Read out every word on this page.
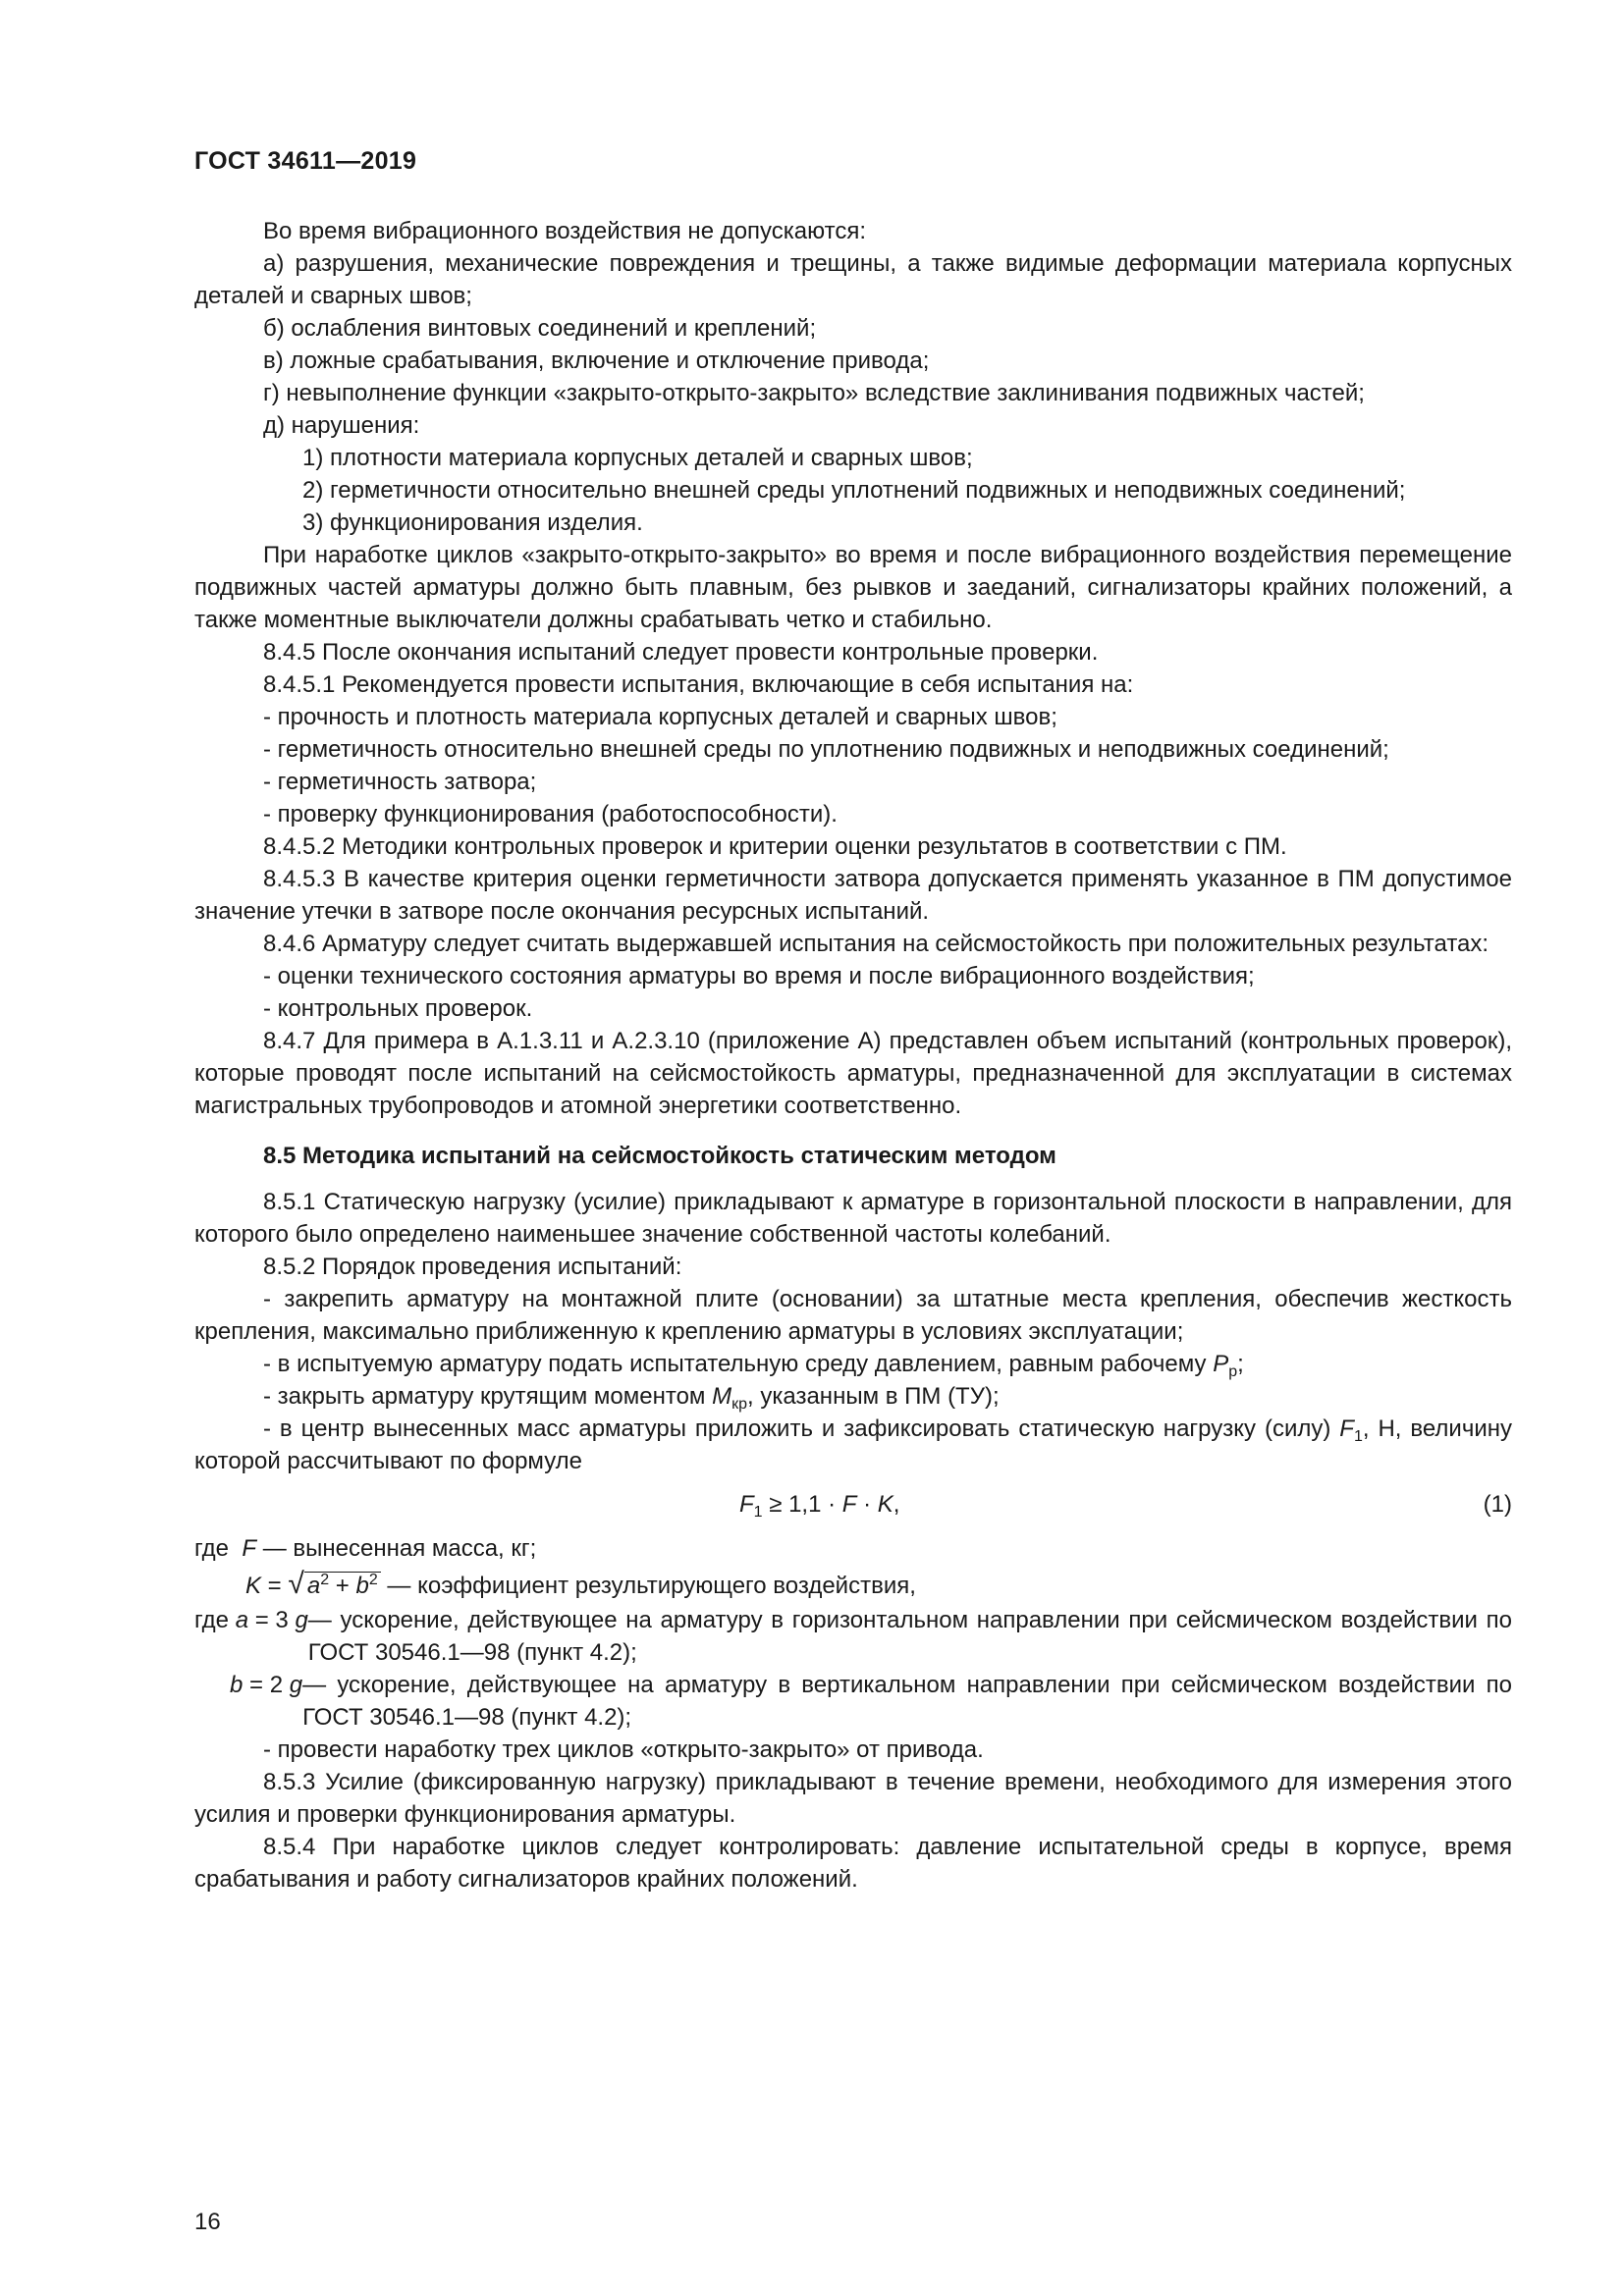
ГОСТ 34611—2019

Во время вибрационного воздействия не допускаются:

а) разрушения, механические повреждения и трещины, а также видимые деформации материала корпусных деталей и сварных швов;

б) ослабления винтовых соединений и креплений;

в) ложные срабатывания, включение и отключение привода;

г) невыполнение функции «закрыто-открыто-закрыто» вследствие заклинивания подвижных частей;

д) нарушения:

1) плотности материала корпусных деталей и сварных швов;

2) герметичности относительно внешней среды уплотнений подвижных и неподвижных соединений;

3) функционирования изделия.

При наработке циклов «закрыто-открыто-закрыто» во время и после вибрационного воздействия перемещение подвижных частей арматуры должно быть плавным, без рывков и заеданий, сигнализаторы крайних положений, а также моментные выключатели должны срабатывать четко и стабильно.

8.4.5 После окончания испытаний следует провести контрольные проверки.

8.4.5.1 Рекомендуется провести испытания, включающие в себя испытания на:

- прочность и плотность материала корпусных деталей и сварных швов;

- герметичность относительно внешней среды по уплотнению подвижных и неподвижных соединений;

- герметичность затвора;

- проверку функционирования (работоспособности).

8.4.5.2 Методики контрольных проверок и критерии оценки результатов в соответствии с ПМ.

8.4.5.3 В качестве критерия оценки герметичности затвора допускается применять указанное в ПМ допустимое значение утечки в затворе после окончания ресурсных испытаний.

8.4.6 Арматуру следует считать выдержавшей испытания на сейсмостойкость при положительных результатах:

- оценки технического состояния арматуры во время и после вибрационного воздействия;

- контрольных проверок.

8.4.7 Для примера в А.1.3.11 и А.2.3.10 (приложение А) представлен объем испытаний (контрольных проверок), которые проводят после испытаний на сейсмостойкость арматуры, предназначенной для эксплуатации в системах магистральных трубопроводов и атомной энергетики соответственно.

8.5 Методика испытаний на сейсмостойкость статическим методом

8.5.1 Статическую нагрузку (усилие) прикладывают к арматуре в горизонтальной плоскости в направлении, для которого было определено наименьшее значение собственной частоты колебаний.

8.5.2 Порядок проведения испытаний:

- закрепить арматуру на монтажной плите (основании) за штатные места крепления, обеспечив жесткость крепления, максимально приближенную к креплению арматуры в условиях эксплуатации;

- в испытуемую арматуру подать испытательную среду давлением, равным рабочему $P_р$;

- закрыть арматуру крутящим моментом $M_{кр}$, указанным в ПМ (ТУ);

- в центр вынесенных масс арматуры приложить и зафиксировать статическую нагрузку (силу) $F_1$, Н, величину которой рассчитывают по формуле

$F_1 \ge 1,1 \cdot F \cdot K$,	(1)

где F — вынесенная масса, кг;

K = √ $a^2 + b^2$ — коэффициент результирующего воздействия,
где a = 3 g — ускорение, действующее на арматуру в горизонтальном направлении при сейсмическом воздействии по ГОСТ 30546.1—98 (пункт 4.2);
b = 2 g — ускорение, действующее на арматуру в вертикальном направлении при сейсмическом воздействии по ГОСТ 30546.1—98 (пункт 4.2);

- провести наработку трех циклов «открыто-закрыто» от привода.

8.5.3 Усилие (фиксированную нагрузку) прикладывают в течение времени, необходимого для измерения этого усилия и проверки функционирования арматуры.

8.5.4 При наработке циклов следует контролировать: давление испытательной среды в корпусе, время срабатывания и работу сигнализаторов крайних положений.

16
